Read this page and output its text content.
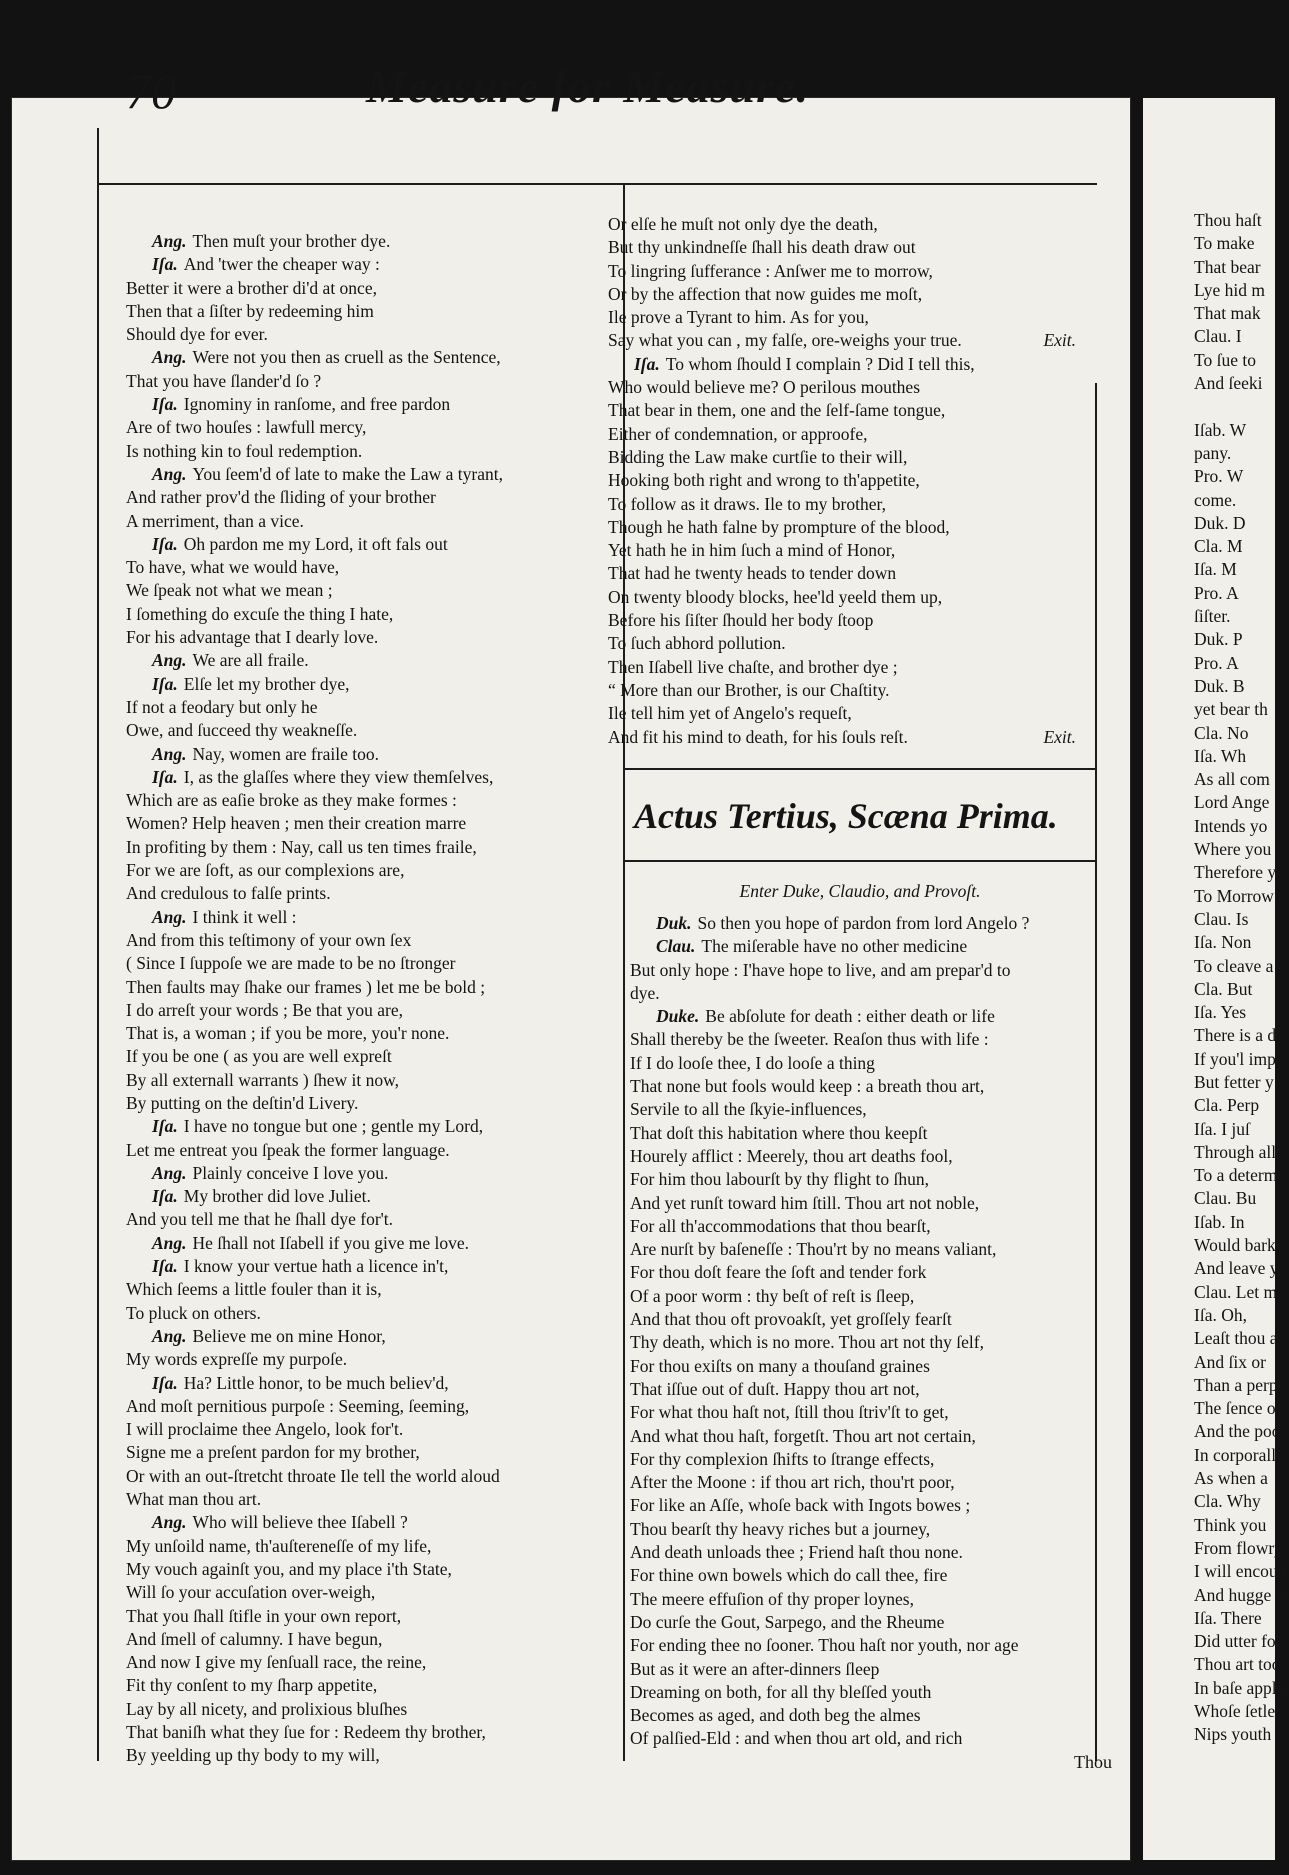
70	Measure for Measure.
Ang. Then muſt your brother dye.
Iſa. And 'twer the cheaper way :
Better it were a brother di'd at once,
Then that a ſiſter by redeeming him
Should dye for ever.
Ang. Were not you then as cruell as the Sentence,
That you have ſlander'd ſo ?
Iſa. Ignominy in ranſome, and free pardon
Are of two houſes : lawfull mercy,
Is nothing kin to foul redemption.
Ang. You ſeem'd of late to make the Law a tyrant,
And rather prov'd the ſliding of your brother
A merriment, than a vice.
Iſa. Oh pardon me my Lord, it oft fals out
To have, what we would have,
We ſpeak not what we mean ;
I ſomething do excuſe the thing I hate,
For his advantage that I dearly love.
Ang. We are all fraile.
Iſa. Elſe let my brother dye,
If not a feodary but only he
Owe, and ſucceed thy weakneſſe.
Ang. Nay, women are fraile too.
Iſa. I, as the glaſſes where they view themſelves,
Which are as eaſie broke as they make formes :
Women? Help heaven ; men their creation marre
In profiting by them : Nay, call us ten times fraile,
For we are ſoft, as our complexions are,
And credulous to falſe prints.
Ang. I think it well :
And from this teſtimony of your own ſex
( Since I ſuppoſe we are made to be no ſtronger
Then faults may ſhake our frames ) let me be bold ;
I do arreſt your words ; Be that you are,
That is, a woman ; if you be more, you'r none.
If you be one ( as you are well expreſt
By all externall warrants ) ſhew it now,
By putting on the deſtin'd Livery.
Iſa. I have no tongue but one ; gentle my Lord,
Let me entreat you ſpeak the former language.
Ang. Plainly conceive I love you.
Iſa. My brother did love Juliet.
And you tell me that he ſhall dye for't.
Ang. He ſhall not Iſabell if you give me love.
Iſa. I know your vertue hath a licence in't,
Which ſeems a little fouler than it is,
To pluck on others.
Ang. Believe me on mine Honor,
My words expreſſe my purpoſe.
Iſa. Ha? Little honor, to be much believ'd,
And moſt pernitious purpoſe : Seeming, ſeeming,
I will proclaime thee Angelo, look for't.
Signe me a preſent pardon for my brother,
Or with an out-ſtretcht throate Ile tell the world aloud
What man thou art.
Ang. Who will believe thee Iſabell ?
My unſoild name, th'auſtereneſſe of my life,
My vouch againſt you, and my place i'th State,
Will ſo your accuſation over-weigh,
That you ſhall ſtifle in your own report,
And ſmell of calumny. I have begun,
And now I give my ſenſuall race, the reine,
Fit thy conſent to my ſharp appetite,
Lay by all nicety, and prolixious bluſhes
That baniſh what they ſue for : Redeem thy brother,
By yeelding up thy body to my will,
Or elſe he muſt not only dye the death,
But thy unkindneſſe ſhall his death draw out
To lingring ſufferance : Anſwer me to morrow,
Or by the affection that now guides me moſt,
Ile prove a Tyrant to him. As for you,
Say what you can , my falſe, ore-weighs your true.	Exit.
Iſa. To whom ſhould I complain ? Did I tell this,
Who would believe me? O perilous mouthes
That bear in them, one and the ſelf-ſame tongue,
Either of condemnation, or approofe,
Bidding the Law make curtſie to their will,
Hooking both right and wrong to th'appetite,
To follow as it draws. Ile to my brother,
Though he hath falne by prompture of the blood,
Yet hath he in him ſuch a mind of Honor,
That had he twenty heads to tender down
On twenty bloody blocks, hee'ld yeeld them up,
Before his ſiſter ſhould her body ſtoop
To ſuch abhord pollution.
Then Iſabell live chaſte, and brother dye ;
“ More than our Brother, is our Chaſtity.
Ile tell him yet of Angelo's requeſt,
And fit his mind to death, for his ſouls reſt.	Exit.
Actus Tertius, Scæna Prima.
Enter Duke, Claudio, and Provoſt.
Duk. So then you hope of pardon from lord Angelo ?
Clau. The miſerable have no other medicine
But only hope : I'have hope to live, and am prepar'd to
dye.
Duke. Be abſolute for death : either death or life
Shall thereby be the ſweeter. Reaſon thus with life :
If I do looſe thee, I do looſe a thing
That none but fools would keep : a breath thou art,
Servile to all the ſkyie-influences,
That doſt this habitation where thou keepſt
Hourely afflict : Meerely, thou art deaths fool,
For him thou labourſt by thy flight to ſhun,
And yet runſt toward him ſtill. Thou art not noble,
For all th'accommodations that thou bearſt,
Are nurſt by baſeneſſe : Thou'rt by no means valiant,
For thou doſt feare the ſoft and tender fork
Of a poor worm : thy beſt of reſt is ſleep,
And that thou oft provoakſt, yet groſſely fearſt
Thy death, which is no more. Thou art not thy ſelf,
For thou exiſts on many a thouſand graines
That iſſue out of duſt. Happy thou art not,
For what thou haſt not, ſtill thou ſtriv'ſt to get,
And what thou haſt, forgetſt. Thou art not certain,
For thy complexion ſhifts to ſtrange effects,
After the Moone : if thou art rich, thou'rt poor,
For like an Aſſe, whoſe back with Ingots bowes ;
Thou bearſt thy heavy riches but a journey,
And death unloads thee ; Friend haſt thou none.
For thine own bowels which do call thee, fire
The meere effuſion of thy proper loynes,
Do curſe the Gout, Sarpego, and the Rheume
For ending thee no ſooner. Thou haſt nor youth, nor age
But as it were an after-dinners ſleep
Dreaming on both, for all thy bleſſed youth
Becomes as aged, and doth beg the almes
Of palſied-Eld : and when thou art old, and rich
Thou
Thou haſt
To make
That bear
Lye hid m
That mak
Clau. I
To ſue to
And ſeeki
Iſab. W
pany.
Pro. W
come.
Duk. D
Cla. M
Iſa. M
Pro. A
ſiſter.
Duk. P
Pro. A
Duk. B
yet bear th
Cla. No
Iſa. Wh
As all com
Lord Ange
Intends yo
Where you
Therefore y
To Morrow
Clau. Is
Iſa. Non
To cleave a
Cla. But
Iſa. Yes
There is a d
If you'l imp
But fetter y
Cla. Perp
Iſa. I juſ
Through all
To a determ
Clau. Bu
Iſab. In
Would bark
And leave y
Clau. Let m
Iſa. Oh,
Leaſt thou a
And ſix or
Than a perpe
The ſence of
And the poo
In corporall
As when a
Cla. Why
Think you
From flowry
I will encoun
And hugge it
Iſa. There
Did utter for
Thou art too
In baſe applia
Whoſe ſetled
Nips youth i'
